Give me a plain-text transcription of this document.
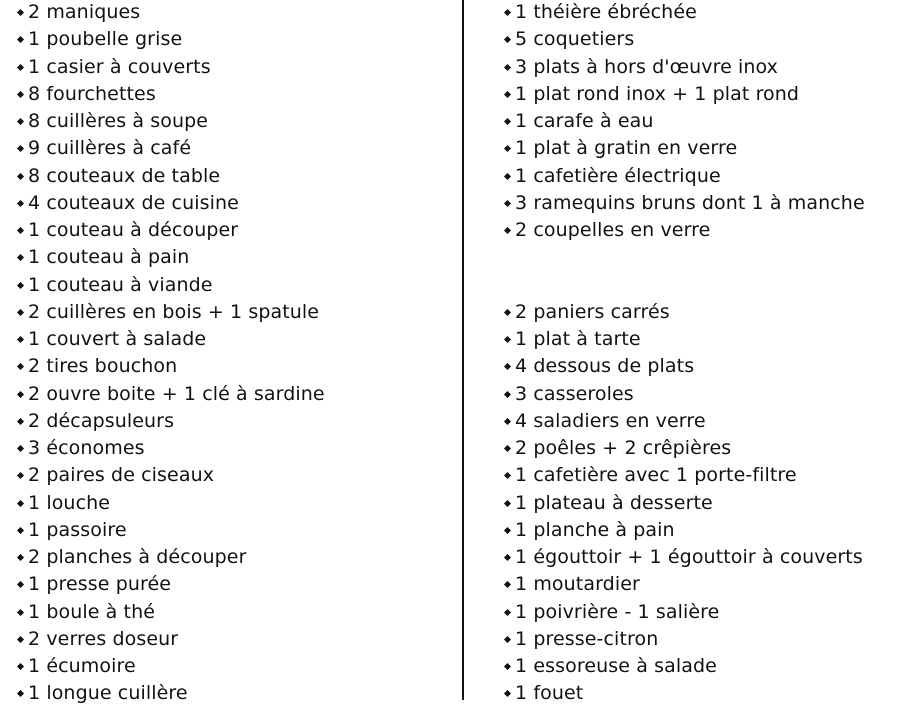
2 maniques
1 poubelle grise
1 casier à couverts
8 fourchettes
8 cuillères à soupe
9 cuillères à café
8 couteaux de table
4 couteaux de cuisine
1 couteau à découper
1 couteau à pain
1 couteau à viande
2 cuillères en bois + 1 spatule
1 couvert à salade
2 tires bouchon
2 ouvre boite + 1 clé à sardine
2 décapsuleurs
3 économes
2 paires de ciseaux
1 louche
1 passoire
2 planches à découper
1 presse purée
1 boule à thé
2 verres doseur
1 écumoire
1 longue cuillère
1 théière ébréchée
5 coquetiers
3 plats à hors d'œuvre inox
1 plat rond inox + 1 plat rond
1 carafe à eau
1 plat à gratin en verre
1 cafetière électrique
3 ramequins bruns dont 1 à manche
2 coupelles en verre
2 paniers carrés
1 plat à tarte
4 dessous de plats
3 casseroles
4 saladiers en verre
2 poêles + 2 crêpières
1 cafetière avec 1 porte-filtre
1 plateau à desserte
1 planche à pain
1 égouttoir + 1 égouttoir à couverts
1 moutardier
1 poivrière - 1 salière
1 presse-citron
1 essoreuse à salade
1 fouet
